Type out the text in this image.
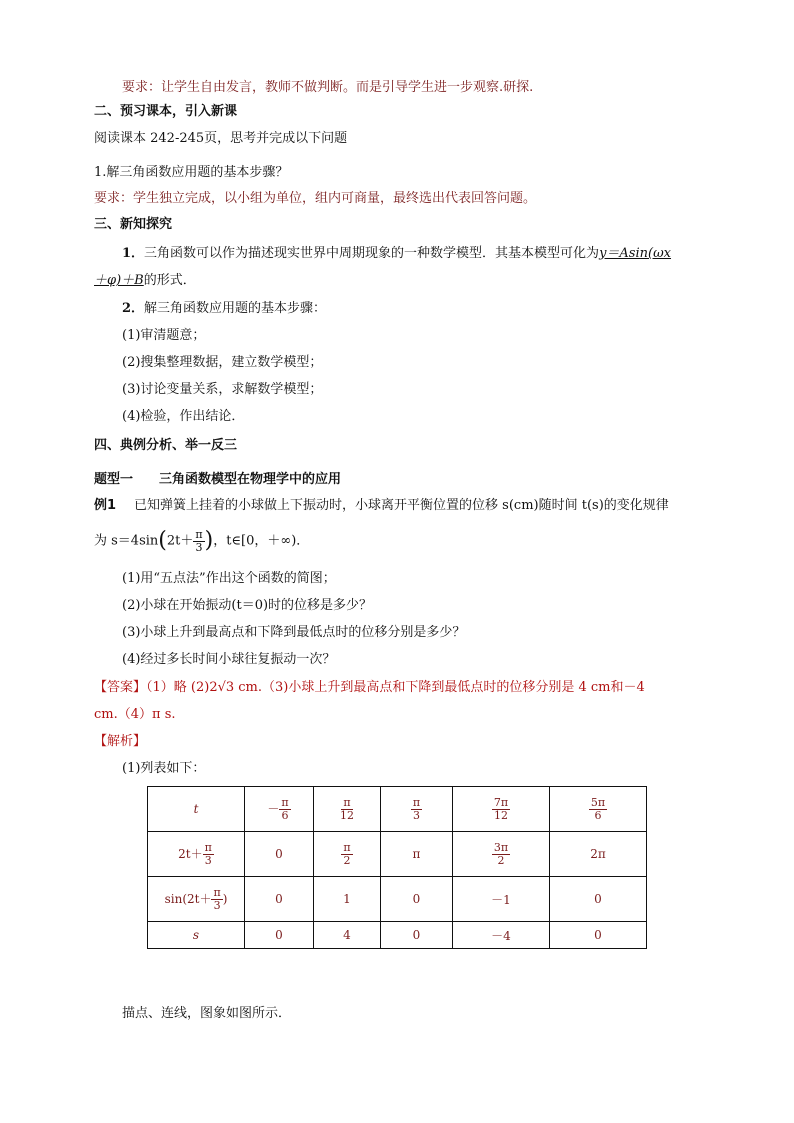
要求：让学生自由发言，教师不做判断。而是引导学生进一步观察.研探.
二、预习课本，引入新课
阅读课本 242-245页，思考并完成以下问题
1.解三角函数应用题的基本步骤？
要求：学生独立完成，以小组为单位，组内可商量，最终选出代表回答问题。
三、新知探究
1．三角函数可以作为描述现实世界中周期现象的一种数学模型．其基本模型可化为y＝Asin(ωx
＋φ)＋B的形式．
2．解三角函数应用题的基本步骤：
(1)审清题意；
(2)搜集整理数据，建立数学模型；
(3)讨论变量关系，求解数学模型；
(4)检验，作出结论．
四、典例分析、举一反三
题型一 三角函数模型在物理学中的应用
例1 已知弹簧上挂着的小球做上下振动时，小球离开平衡位置的位移 s(cm)随时间 t(s)的变化规律
为 $s=4\sin(2t+ \frac{\pi}{3}$ )，t∈[0，＋∞)．
(1)用“五点法”作出这个函数的简图；
(2)小球在开始振动(t＝0)时的位移是多少？
(3)小球上升到最高点和下降到最低点时的位移分别是多少？
(4)经过多长时间小球往复振动一次？
【答案】（1）略 (2)2√3 cm.（3)小球上升到最高点和下降到最低点时的位移分别是 4 cm和－4
cm.（4）π s.
【解析】
(1)列表如下：
t	－ $\frac{\pi}{6}$	$\frac{\pi}{12}$	$\frac{\pi}{3}$	$\frac{7\pi}{12}$	$\frac{5\pi}{6}$

$2t+ \frac{\pi}{3}$	0	$\frac{\pi}{2}$	π	$\frac{3\pi}{2}$	2π
$\sin(2t+ \frac{\pi}{3}$ )	0	1	0	－1	0
s	0	4	0	－4	0
描点、连线，图象如图所示．
